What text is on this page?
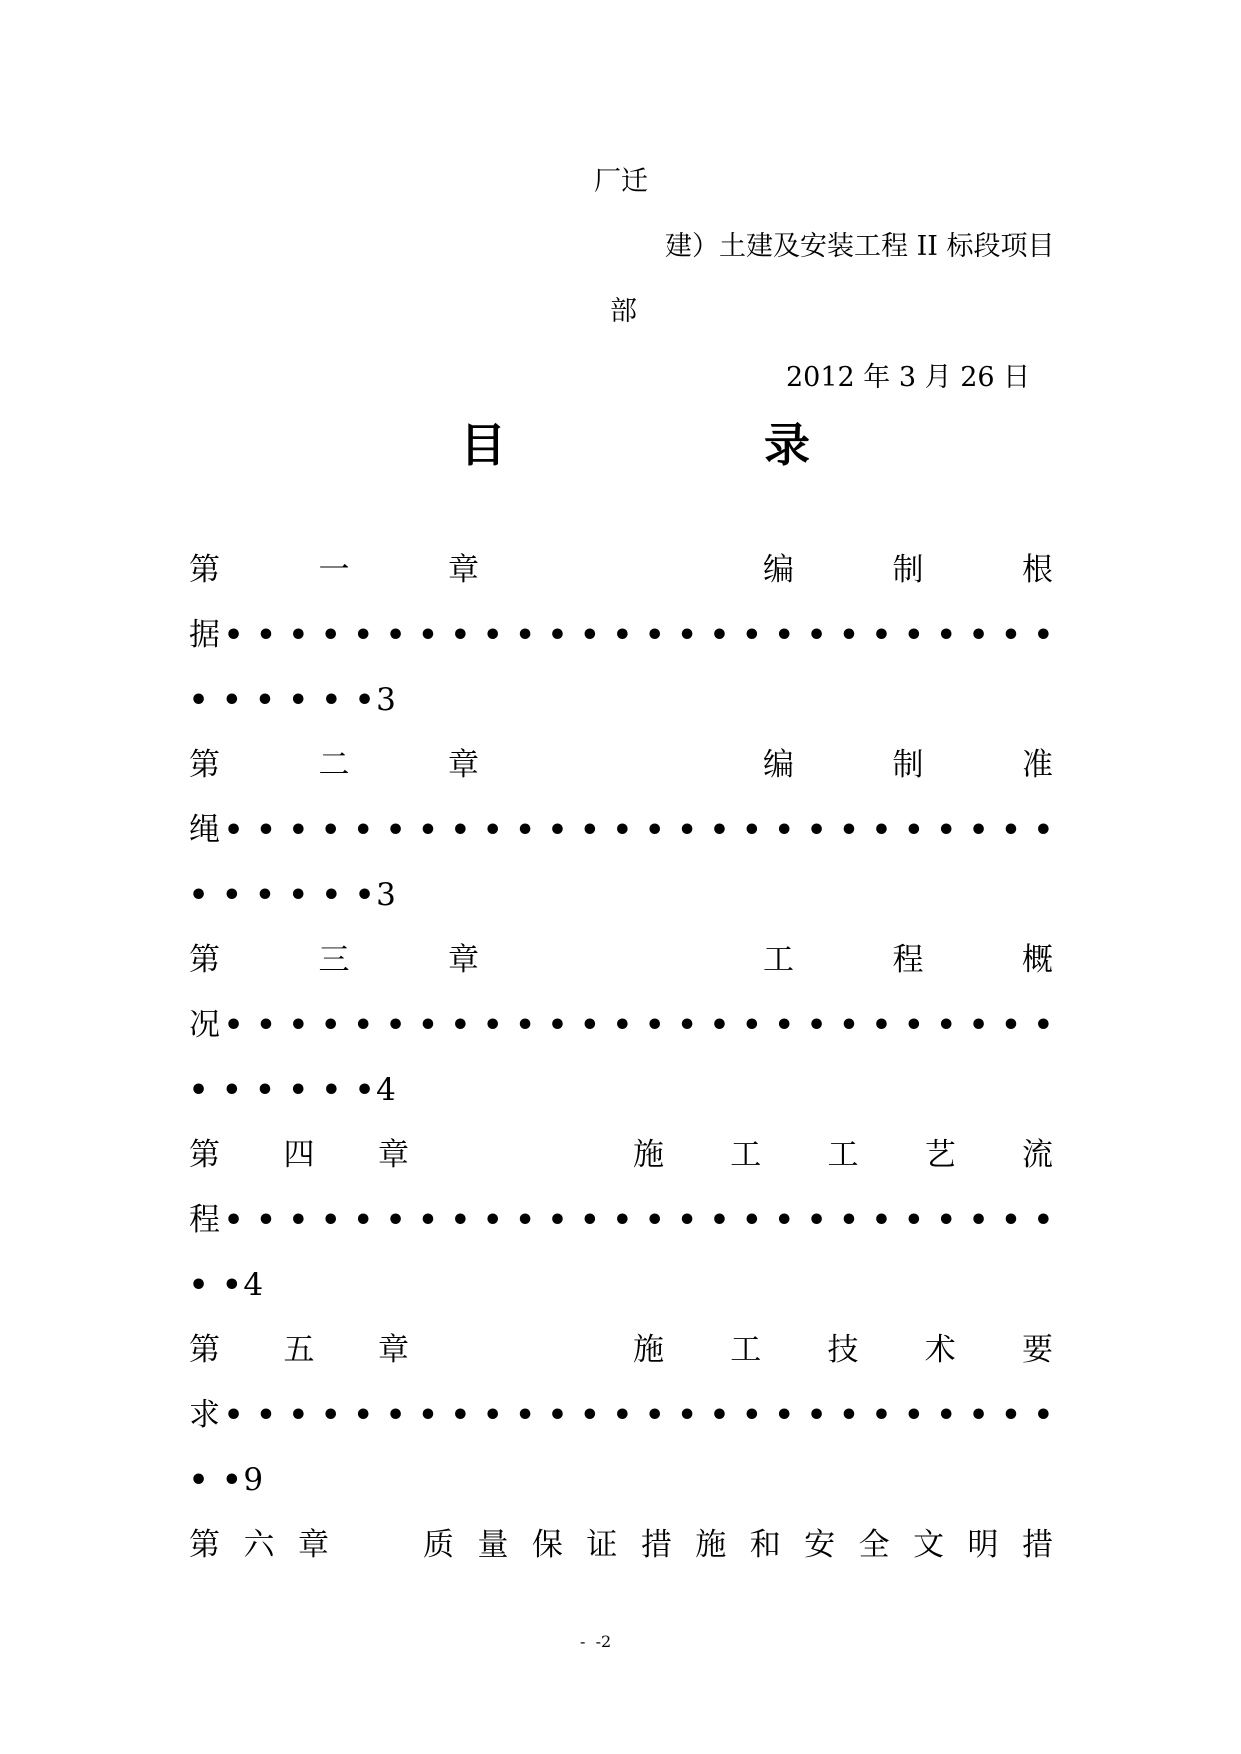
厂迁
建）土建及安装工程 II 标段项目
部
2012 年 3 月 26 日
目	录
第	一	章	编	制	根
据 • • • • • • • • • • • • • • • • • • • • • • • • • •
• • • • • • 3
第	二	章	编	制	准
绳 • • • • • • • • • • • • • • • • • • • • • • • • • •
• • • • • • 3
第	三	章	工	程	概
况 • • • • • • • • • • • • • • • • • • • • • • • • • •
• • • • • • 4
第 四 章	施 工 工 艺 流
程 • • • • • • • • • • • • • • • • • • • • • • • • • •
• • 4
第 五 章	施 工 技 术 要
求 • • • • • • • • • • • • • • • • • • • • • • • • • •
• • 9
第 六 章	质 量 保 证 措 施 和 安 全 文 明 措
-  -2
